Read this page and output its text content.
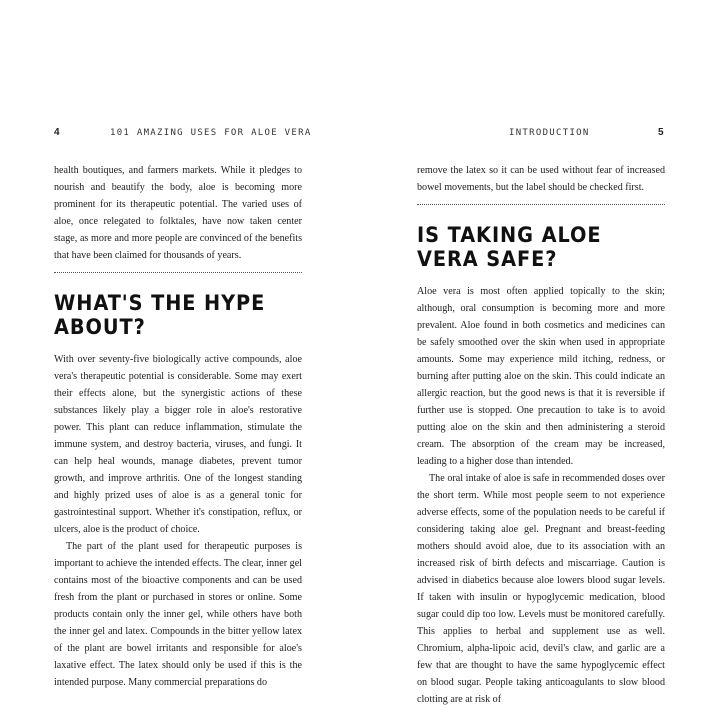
4	101 AMAZING USES FOR ALOE VERA

health boutiques, and farmers markets. While it pledges to nourish and beautify the body, aloe is becoming more prominent for its therapeutic potential. The varied uses of aloe, once relegated to folktales, have now taken center stage, as more and more people are convinced of the benefits that have been claimed for thousands of years.

WHAT'S THE HYPE ABOUT?

With over seventy-five biologically active compounds, aloe vera's therapeutic potential is considerable. Some may exert their effects alone, but the synergistic actions of these substances likely play a bigger role in aloe's restorative power. This plant can reduce inflammation, stimulate the immune system, and destroy bacteria, viruses, and fungi. It can help heal wounds, manage diabetes, prevent tumor growth, and improve arthritis. One of the longest standing and highly prized uses of aloe is as a general tonic for gastrointestinal support. Whether it's constipation, reflux, or ulcers, aloe is the product of choice.

The part of the plant used for therapeutic purposes is important to achieve the intended effects. The clear, inner gel contains most of the bioactive components and can be used fresh from the plant or purchased in stores or online. Some products contain only the inner gel, while others have both the inner gel and latex. Compounds in the bitter yellow latex of the plant are bowel irritants and responsible for aloe's laxative effect. The latex should only be used if this is the intended purpose. Many commercial preparations do

INTRODUCTION	5

remove the latex so it can be used without fear of increased bowel movements, but the label should be checked first.

IS TAKING ALOE VERA SAFE?

Aloe vera is most often applied topically to the skin; although, oral consumption is becoming more and more prevalent. Aloe found in both cosmetics and medicines can be safely smoothed over the skin when used in appropriate amounts. Some may experience mild itching, redness, or burning after putting aloe on the skin. This could indicate an allergic reaction, but the good news is that it is reversible if further use is stopped. One precaution to take is to avoid putting aloe on the skin and then administering a steroid cream. The absorption of the cream may be increased, leading to a higher dose than intended.

The oral intake of aloe is safe in recommended doses over the short term. While most people seem to not experience adverse effects, some of the population needs to be careful if considering taking aloe gel. Pregnant and breast-feeding mothers should avoid aloe, due to its association with an increased risk of birth defects and miscarriage. Caution is advised in diabetics because aloe lowers blood sugar levels. If taken with insulin or hypoglycemic medication, blood sugar could dip too low. Levels must be monitored carefully. This applies to herbal and supplement use as well. Chromium, alpha-lipoic acid, devil's claw, and garlic are a few that are thought to have the same hypoglycemic effect on blood sugar. People taking anticoagulants to slow blood clotting are at risk of
